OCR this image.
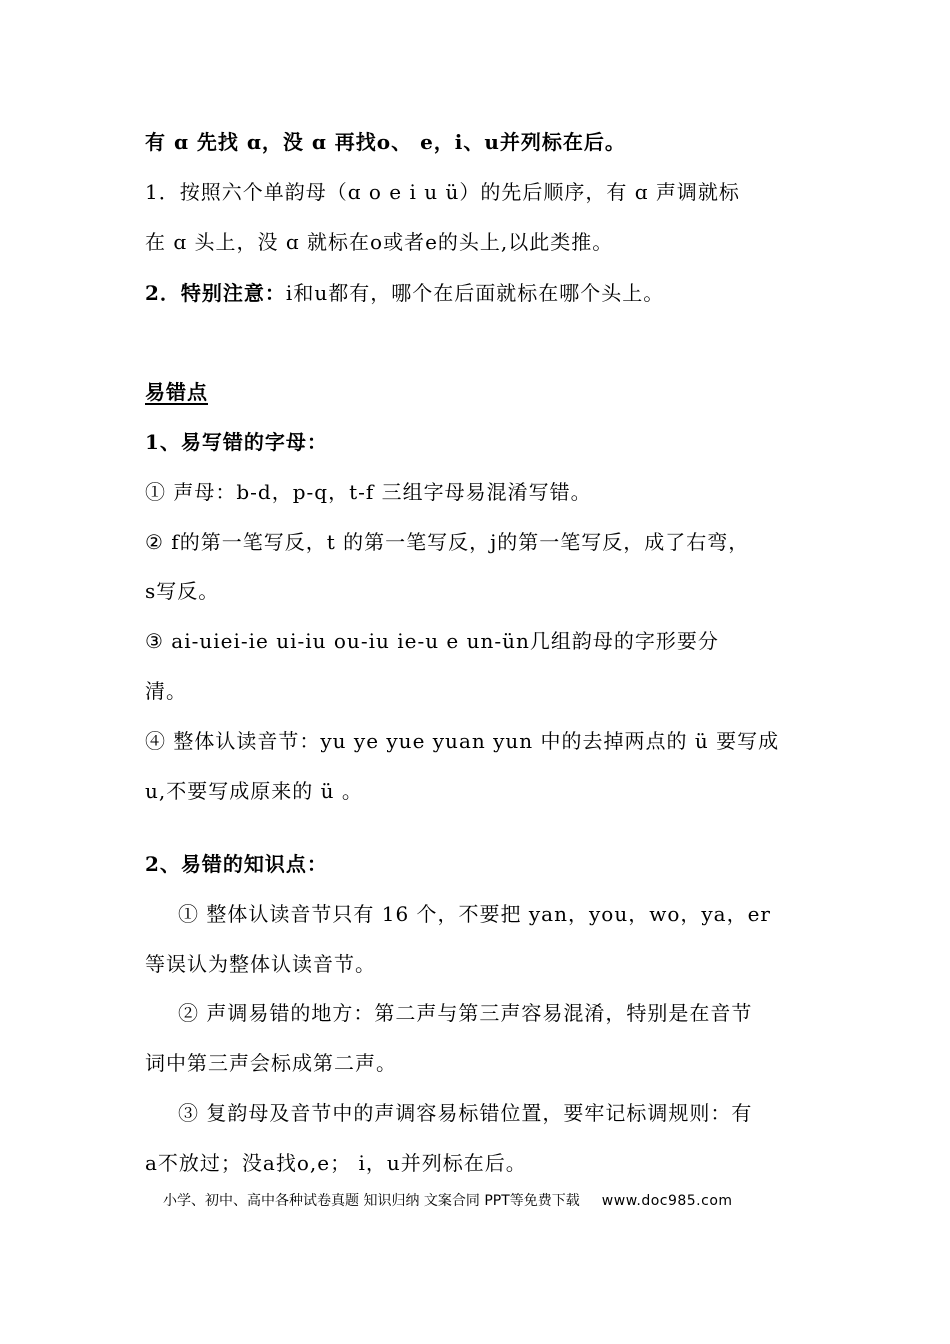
有 ɑ 先找 ɑ，没 ɑ 再找o、 e，i、u并列标在后。
1．按照六个单韵母（ɑ o e i u ü）的先后顺序，有 ɑ 声调就标
在 ɑ 头上，没 ɑ 就标在o或者e的头上,以此类推。
2．特别注意：i和u都有，哪个在后面就标在哪个头上。
易错点
1、易写错的字母：
① 声母：b-d，p-q，t-f 三组字母易混淆写错。
② f的第一笔写反，t 的第一笔写反，j的第一笔写反，成了右弯，
s写反。
③ ai-uiei-ie ui-iu ou-iu ie-u e un-ün几组韵母的字形要分
清。
④ 整体认读音节：yu ye yue yuan yun 中的去掉两点的 ü 要写成
u,不要写成原来的 ü 。
2、易错的知识点：
① 整体认读音节只有 16 个，不要把 yan，you，wo，ya，er
等误认为整体认读音节。
② 声调易错的地方：第二声与第三声容易混淆，特别是在音节
词中第三声会标成第二声。
③ 复韵母及音节中的声调容易标错位置，要牢记标调规则：有
a不放过；没a找o,e； i，u并列标在后。
小学、初中、高中各种试卷真题 知识归纳 文案合同 PPT等免费下载 www.doc985.com
